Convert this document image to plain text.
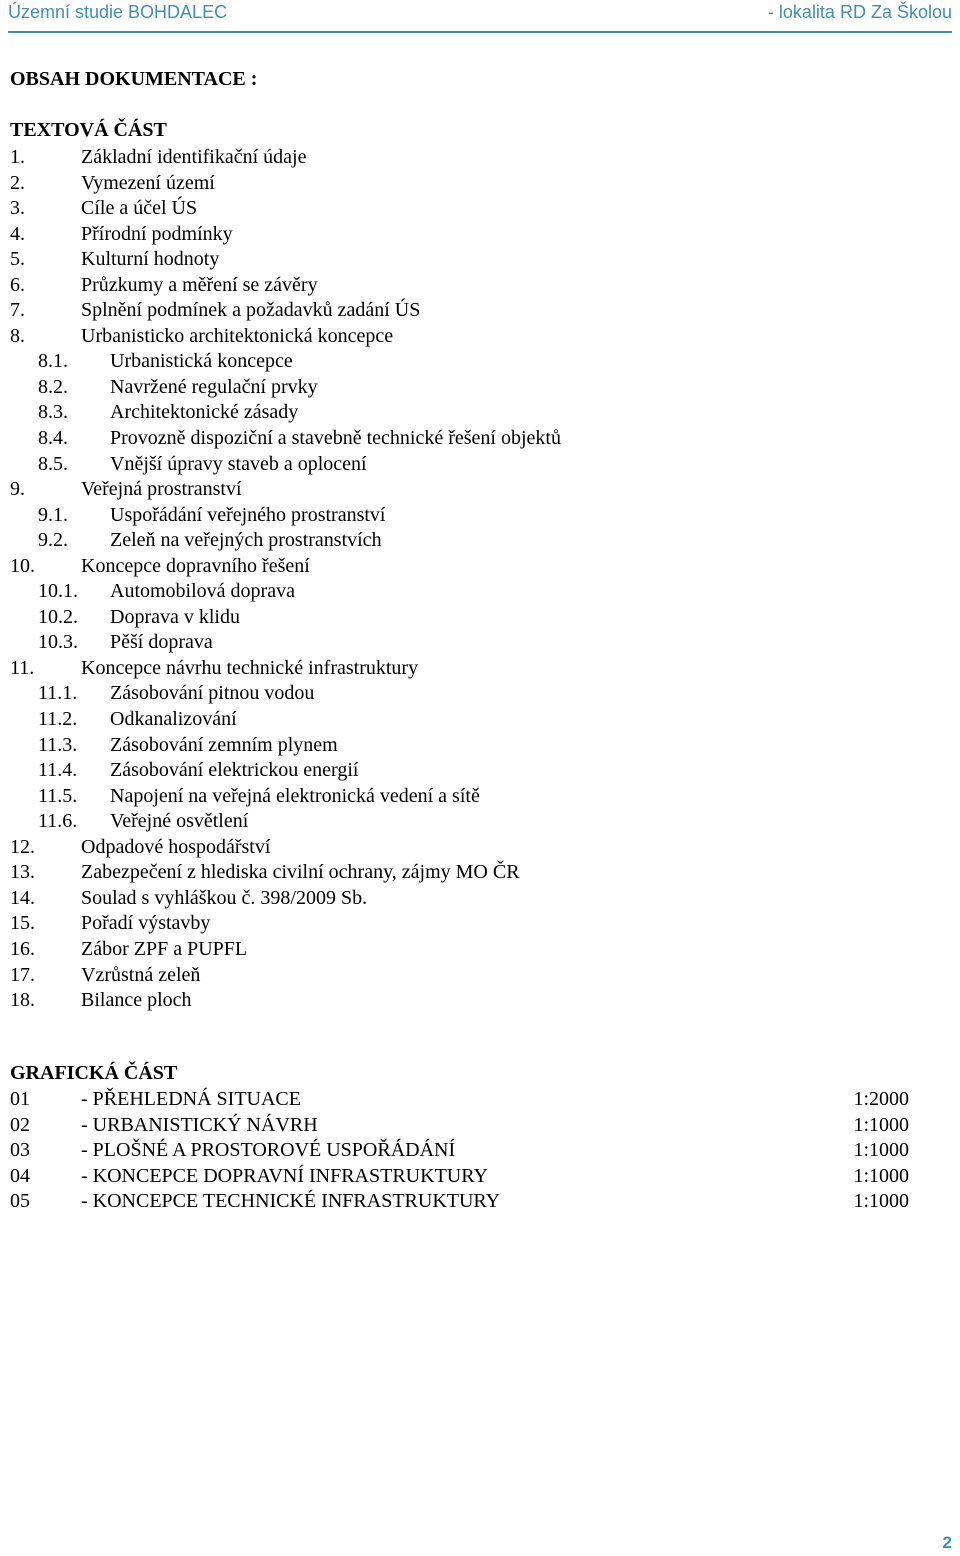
Územní studie BOHDALEC	- lokalita RD Za Školou
OBSAH DOKUMENTACE :
TEXTOVÁ ČÁST
1.	Základní identifikační údaje
2.	Vymezení území
3.	Cíle a účel ÚS
4.	Přírodní podmínky
5.	Kulturní hodnoty
6.	Průzkumy a měření se závěry
7.	Splnění podmínek a požadavků zadání ÚS
8.	Urbanisticko architektonická koncepce
8.1. Urbanistická koncepce
8.2. Navržené regulační prvky
8.3. Architektonické zásady
8.4. Provozně dispoziční a stavebně technické řešení objektů
8.5. Vnější úpravy staveb a oplocení
9.	Veřejná prostranství
9.1. Uspořádání veřejného prostranství
9.2. Zeleň na veřejných prostranstvích
10. Koncepce dopravního řešení
10.1. Automobilová doprava
10.2. Doprava v klidu
10.3. Pěší doprava
11. Koncepce návrhu technické infrastruktury
11.1. Zásobování pitnou vodou
11.2. Odkanalizování
11.3. Zásobování zemním plynem
11.4. Zásobování elektrickou energií
11.5. Napojení na veřejná elektronická vedení a sítě
11.6. Veřejné osvětlení
12. Odpadové hospodářství
13. Zabezpečení z hlediska civilní ochrany, zájmy MO ČR
14. Soulad s vyhláškou č. 398/2009 Sb.
15. Pořadí výstavby
16. Zábor ZPF a PUPFL
17. Vzrůstná zeleň
18. Bilance ploch
GRAFICKÁ ČÁST
01	- PŘEHLEDNÁ SITUACE	1:2000
02	- URBANISTICKÝ NÁVRH	1:1000
03	- PLOŠNÉ A PROSTOROVÉ USPOŘÁDÁNÍ	1:1000
04	- KONCEPCE DOPRAVNÍ INFRASTRUKTURY	1:1000
05	- KONCEPCE TECHNICKÉ INFRASTRUKTURY	1:1000
2
